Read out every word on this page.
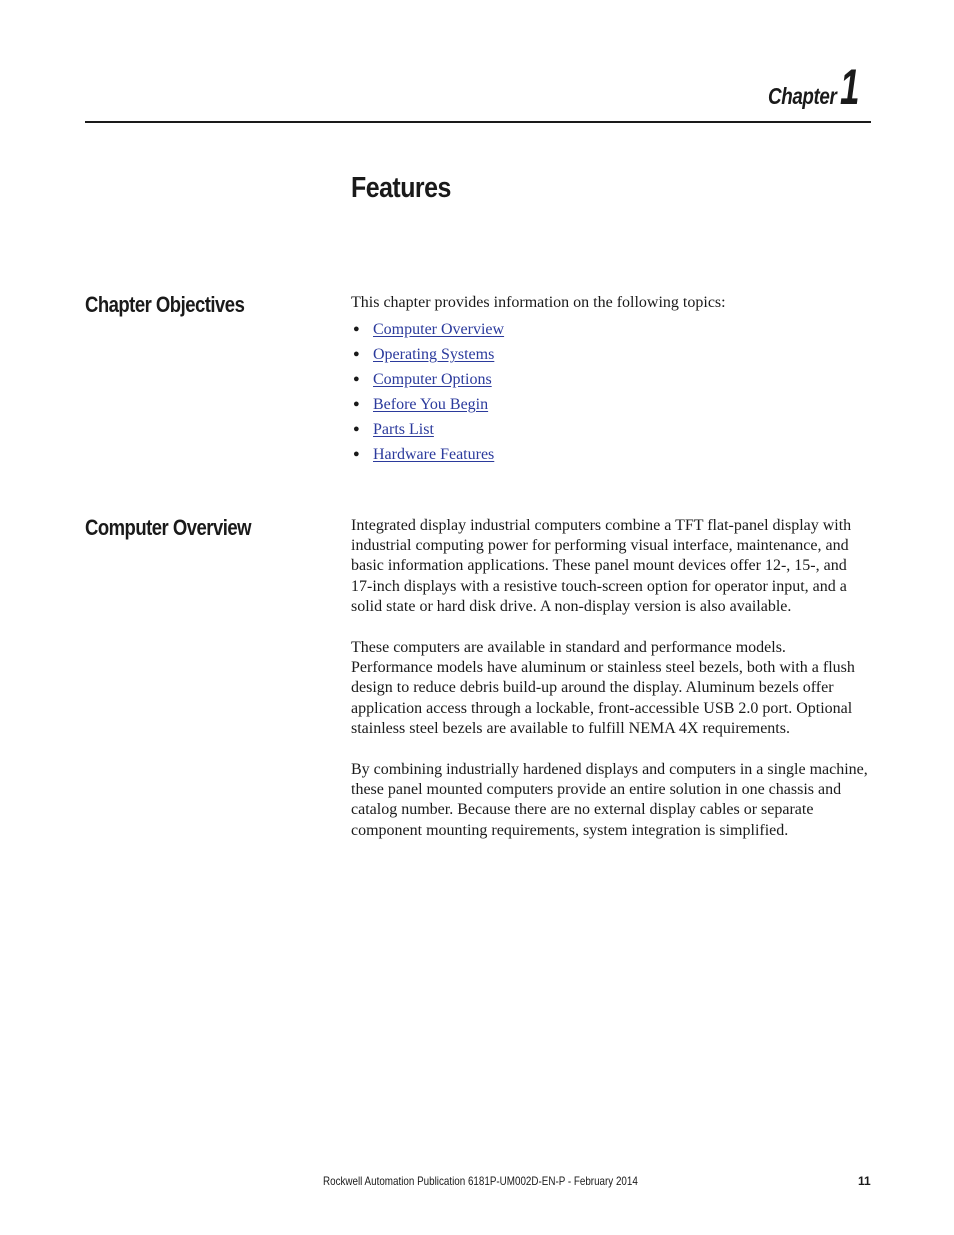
Chapter 1
Features
Chapter Objectives	This chapter provides information on the following topics:

● Computer Overview
● Operating Systems
● Computer Options
● Before You Begin
● Parts List
● Hardware Features
Computer Overview	Integrated display industrial computers combine a TFT flat-panel display with industrial computing power for performing visual interface, maintenance, and basic information applications. These panel mount devices offer 12-, 15-, and 17-inch displays with a resistive touch-screen option for operator input, and a solid state or hard disk drive. A non-display version is also available.

These computers are available in standard and performance models. Performance models have aluminum or stainless steel bezels, both with a flush design to reduce debris build-up around the display. Aluminum bezels offer application access through a lockable, front-accessible USB 2.0 port. Optional stainless steel bezels are available to fulfill NEMA 4X requirements.

By combining industrially hardened displays and computers in a single machine, these panel mounted computers provide an entire solution in one chassis and catalog number. Because there are no external display cables or separate component mounting requirements, system integration is simplified.

Rockwell Automation Publication 6181P-UM002D-EN-P - February 2014	11
